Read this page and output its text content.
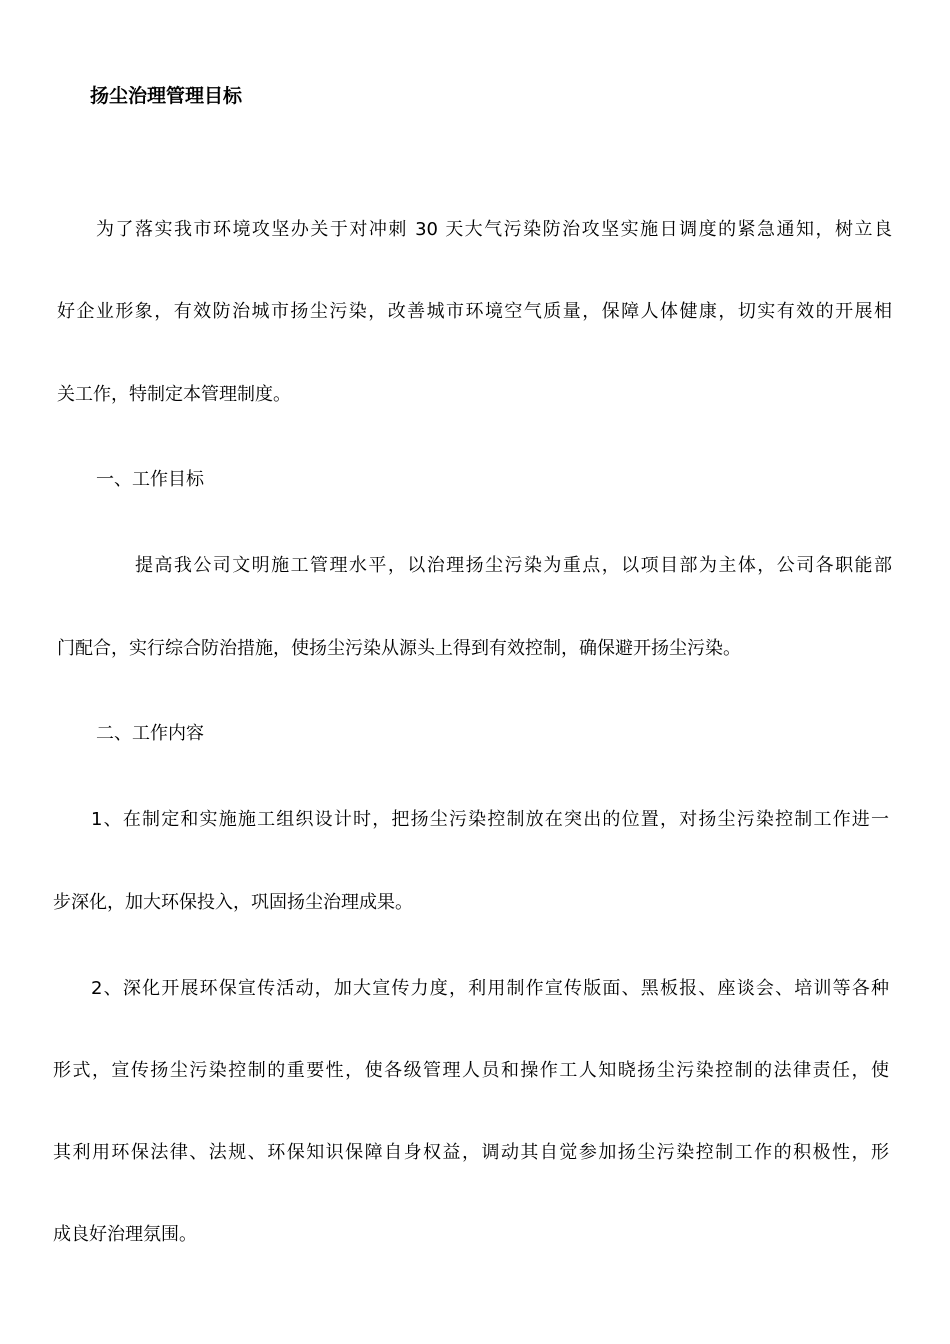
扬尘治理管理目标
为了落实我市环境攻坚办关于对冲刺 30 天大气污染防治攻坚实施日调度的紧急通知，树立良
好企业形象，有效防治城市扬尘污染，改善城市环境空气质量，保障人体健康，切实有效的开展相
关工作，特制定本管理制度。
一、工作目标
提高我公司文明施工管理水平，以治理扬尘污染为重点，以项目部为主体，公司各职能部
门配合，实行综合防治措施，使扬尘污染从源头上得到有效控制，确保避开扬尘污染。
二、工作内容
1、在制定和实施施工组织设计时，把扬尘污染控制放在突出的位置，对扬尘污染控制工作进一
步深化，加大环保投入，巩固扬尘治理成果。
2、深化开展环保宣传活动，加大宣传力度，利用制作宣传版面、黑板报、座谈会、培训等各种
形式，宣传扬尘污染控制的重要性，使各级管理人员和操作工人知晓扬尘污染控制的法律责任，使
其利用环保法律、法规、环保知识保障自身权益，调动其自觉参加扬尘污染控制工作的积极性，形
成良好治理氛围。
